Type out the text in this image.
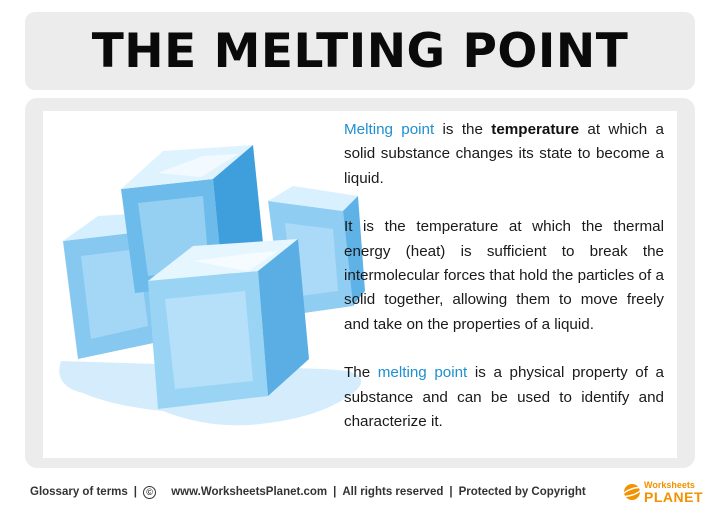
THE MELTING POINT

Melting point is the temperature at which a solid substance changes its state to become a liquid.

It is the temperature at which the thermal energy (heat) is sufficient to break the intermolecular forces that hold the particles of a solid together, allowing them to move freely and take on the properties of a liquid.

The melting point is a physical property of a substance and can be used to identify and characterize it.

Glossary of terms |	©
www.WorksheetsPlanet.com | All rights reserved | Protected by Copyright
Worksheets
PLANET
